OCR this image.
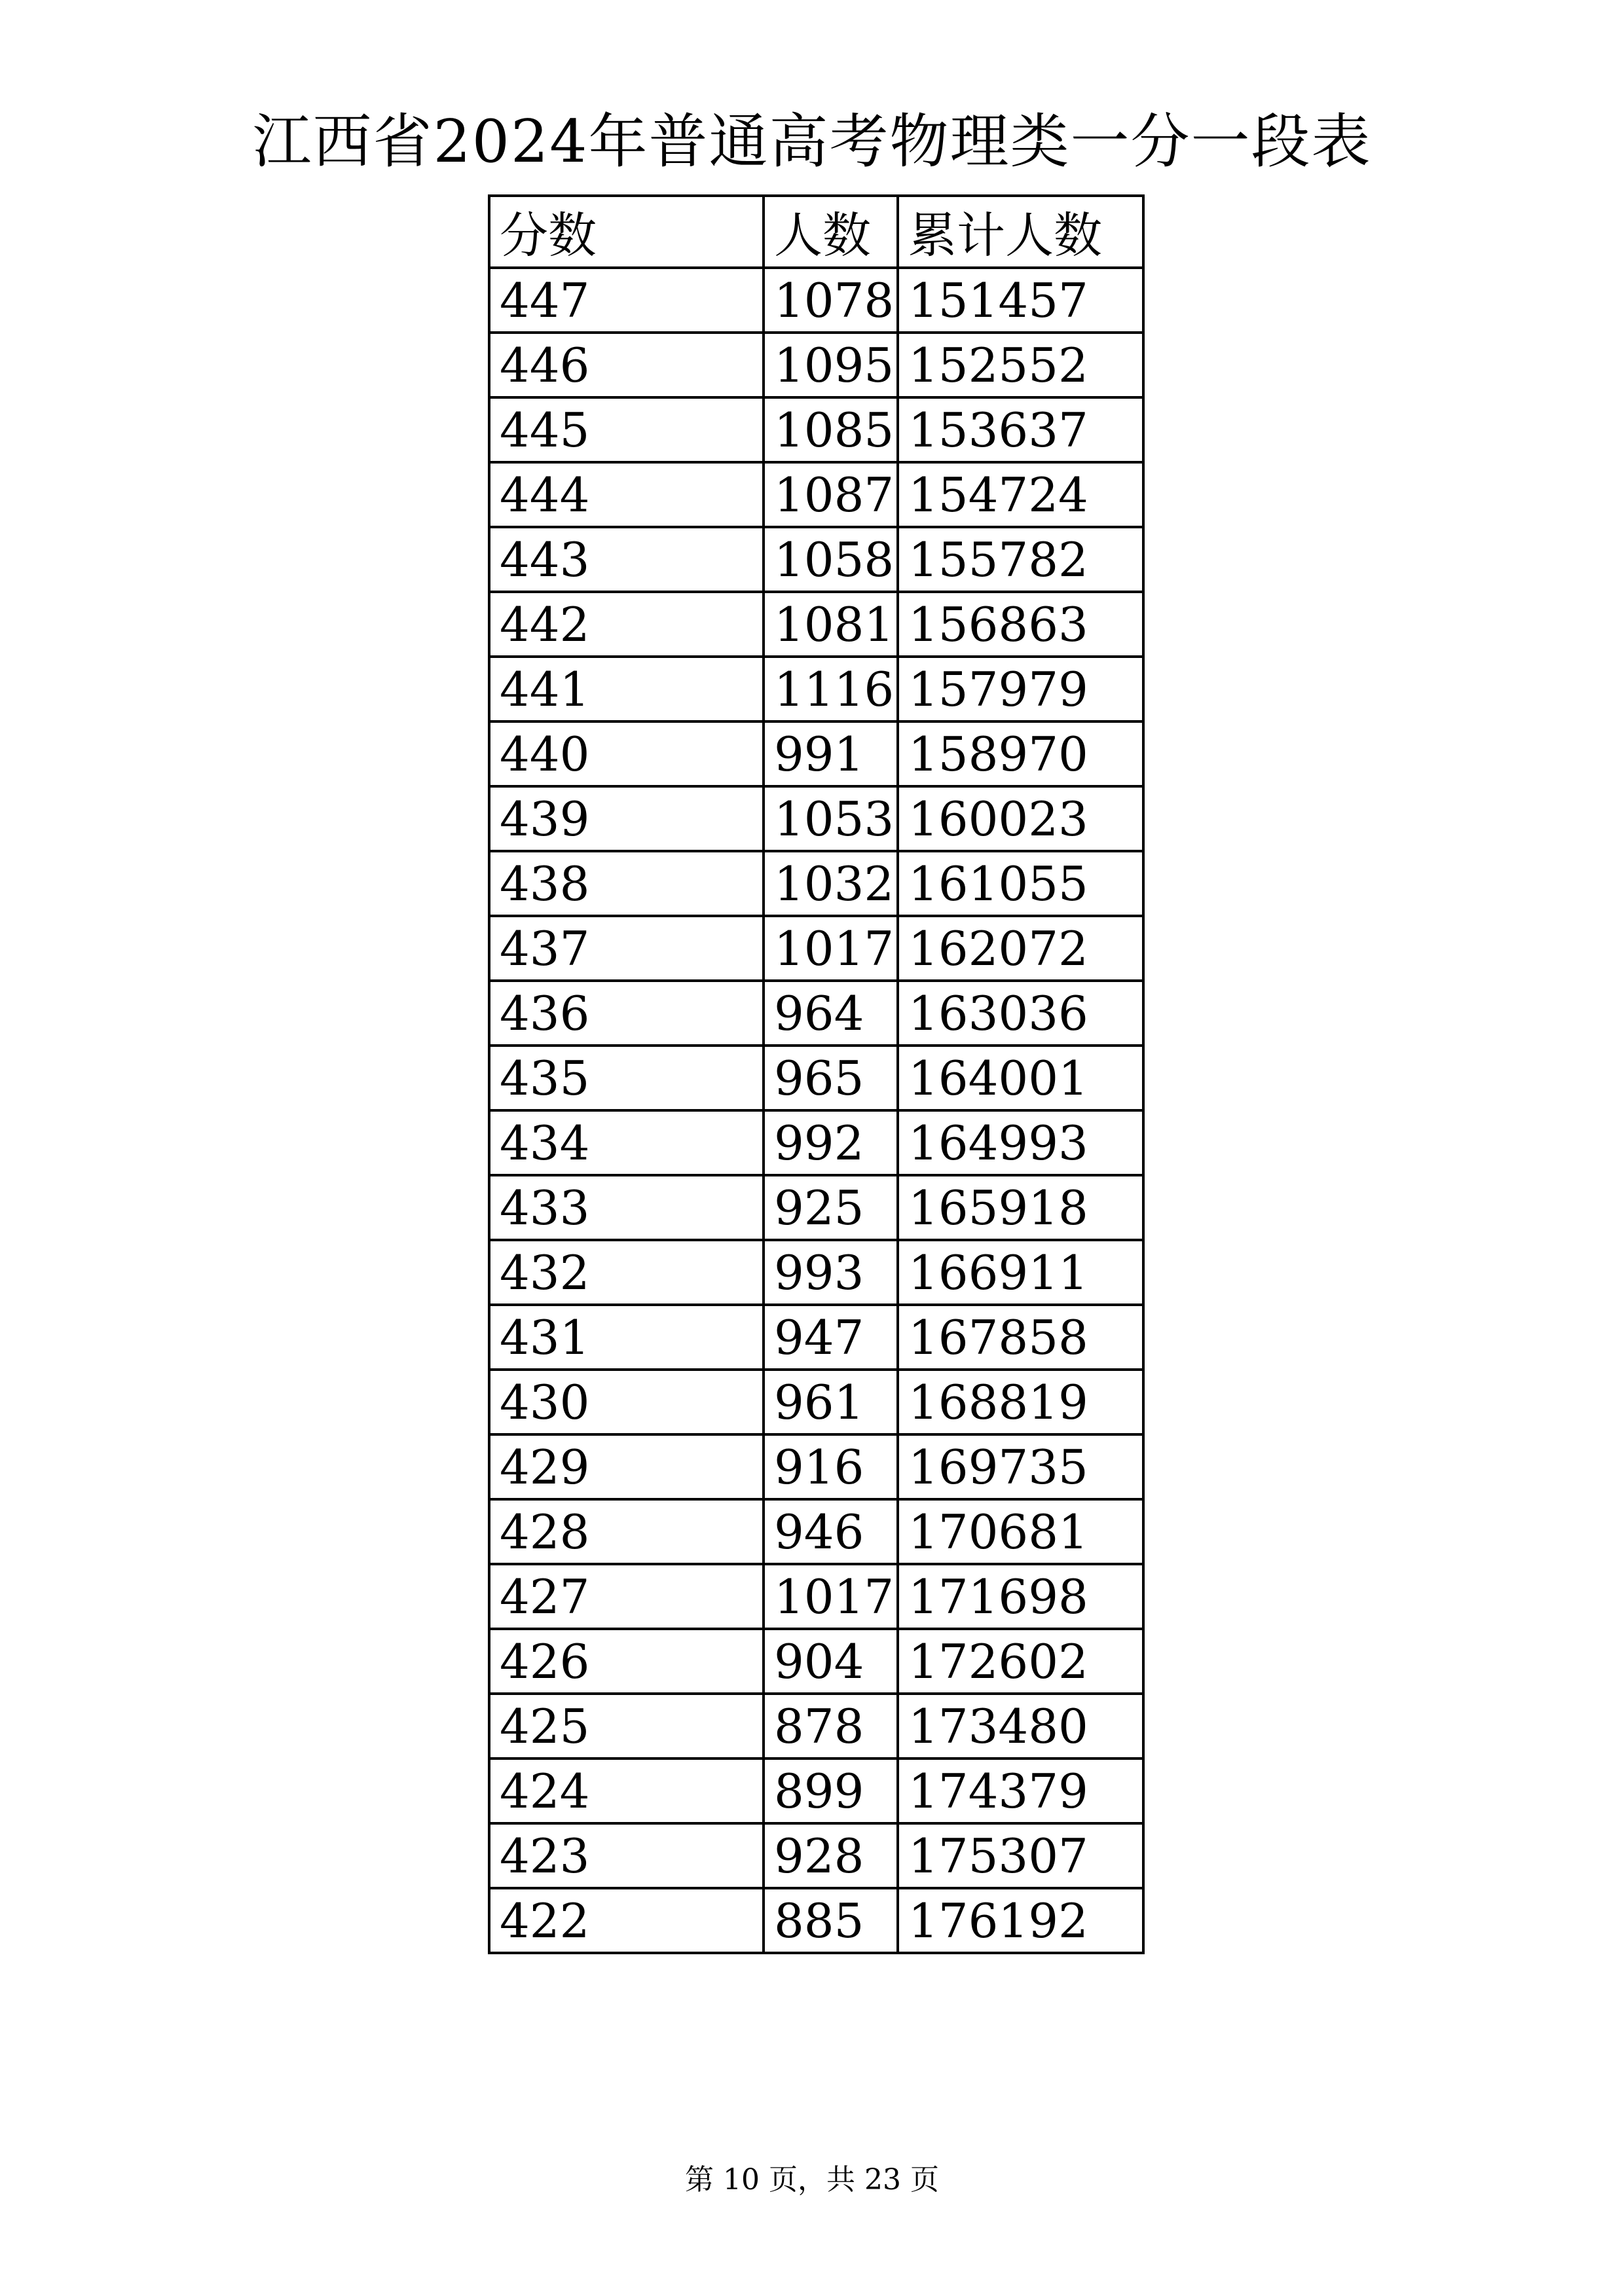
江西省2024年普通高考物理类一分一段表
分数	人数	累计人数
447	1078	151457
446	1095	152552
445	1085	153637
444	1087	154724
443	1058	155782
442	1081	156863
441	1116	157979
440	991	158970
439	1053	160023
438	1032	161055
437	1017	162072
436	964	163036
435	965	164001
434	992	164993
433	925	165918
432	993	166911
431	947	167858
430	961	168819
429	916	169735
428	946	170681
427	1017	171698
426	904	172602
425	878	173480
424	899	174379
423	928	175307
422	885	176192
第 10 页，共 23 页
